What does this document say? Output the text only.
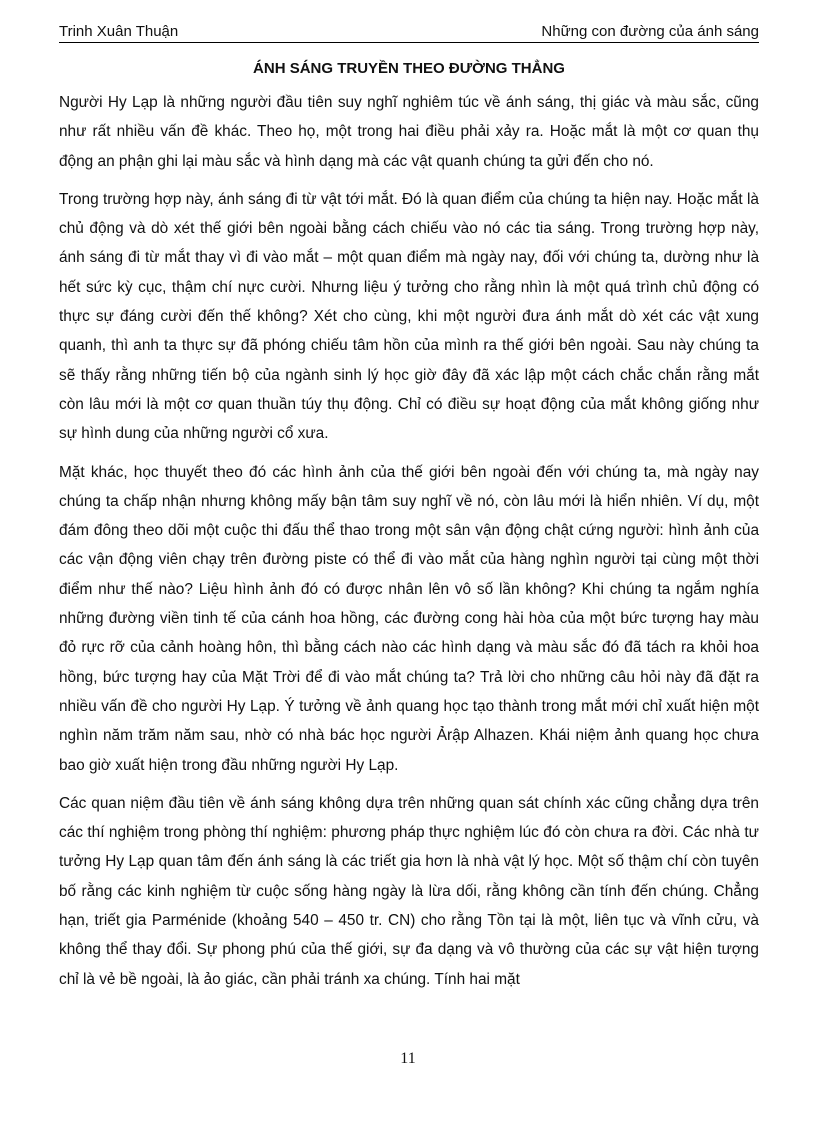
Trinh Xuân Thuận	Những con đường của ánh sáng
ÁNH SÁNG TRUYỀN THEO ĐƯỜNG THẲNG

Người Hy Lạp là những người đầu tiên suy nghĩ nghiêm túc về ánh sáng, thị giác và màu sắc, cũng như rất nhiều vấn đề khác. Theo họ, một trong hai điều phải xảy ra. Hoặc mắt là một cơ quan thụ động an phận ghi lại màu sắc và hình dạng mà các vật quanh chúng ta gửi đến cho nó.

Trong trường hợp này, ánh sáng đi từ vật tới mắt. Đó là quan điểm của chúng ta hiện nay. Hoặc mắt là chủ động và dò xét thế giới bên ngoài bằng cách chiếu vào nó các tia sáng. Trong trường hợp này, ánh sáng đi từ mắt thay vì đi vào mắt – một quan điểm mà ngày nay, đối với chúng ta, dường như là hết sức kỳ cục, thậm chí nực cười. Nhưng liệu ý tưởng cho rằng nhìn là một quá trình chủ động có thực sự đáng cười đến thế không? Xét cho cùng, khi một người đưa ánh mắt dò xét các vật xung quanh, thì anh ta thực sự đã phóng chiếu tâm hồn của mình ra thế giới bên ngoài. Sau này chúng ta sẽ thấy rằng những tiến bộ của ngành sinh lý học giờ đây đã xác lập một cách chắc chắn rằng mắt còn lâu mới là một cơ quan thuần túy thụ động. Chỉ có điều sự hoạt động của mắt không giống như sự hình dung của những người cổ xưa.

Mặt khác, học thuyết theo đó các hình ảnh của thế giới bên ngoài đến với chúng ta, mà ngày nay chúng ta chấp nhận nhưng không mấy bận tâm suy nghĩ về nó, còn lâu mới là hiển nhiên. Ví dụ, một đám đông theo dõi một cuộc thi đấu thể thao trong một sân vận động chật cứng người: hình ảnh của các vận động viên chạy trên đường piste có thể đi vào mắt của hàng nghìn người tại cùng một thời điểm như thế nào? Liệu hình ảnh đó có được nhân lên vô số lần không? Khi chúng ta ngắm nghía những đường viền tinh tế của cánh hoa hồng, các đường cong hài hòa của một bức tượng hay màu đỏ rực rỡ của cảnh hoàng hôn, thì bằng cách nào các hình dạng và màu sắc đó đã tách ra khỏi hoa hồng, bức tượng hay của Mặt Trời để đi vào mắt chúng ta? Trả lời cho những câu hỏi này đã đặt ra nhiều vấn đề cho người Hy Lạp. Ý tưởng về ảnh quang học tạo thành trong mắt mới chỉ xuất hiện một nghìn năm trăm năm sau, nhờ có nhà bác học người Ảrập Alhazen. Khái niệm ảnh quang học chưa bao giờ xuất hiện trong đầu những người Hy Lạp.

Các quan niệm đầu tiên về ánh sáng không dựa trên những quan sát chính xác cũng chẳng dựa trên các thí nghiệm trong phòng thí nghiệm: phương pháp thực nghiệm lúc đó còn chưa ra đời. Các nhà tư tưởng Hy Lạp quan tâm đến ánh sáng là các triết gia hơn là nhà vật lý học. Một số thậm chí còn tuyên bố rằng các kinh nghiệm từ cuộc sống hàng ngày là lừa dối, rằng không cần tính đến chúng. Chẳng hạn, triết gia Parménide (khoảng 540 – 450 tr. CN) cho rằng Tồn tại là một, liên tục và vĩnh cửu, và không thể thay đổi. Sự phong phú của thế giới, sự đa dạng và vô thường của các sự vật hiện tượng chỉ là vẻ bề ngoài, là ảo giác, cần phải tránh xa chúng. Tính hai mặt

11
